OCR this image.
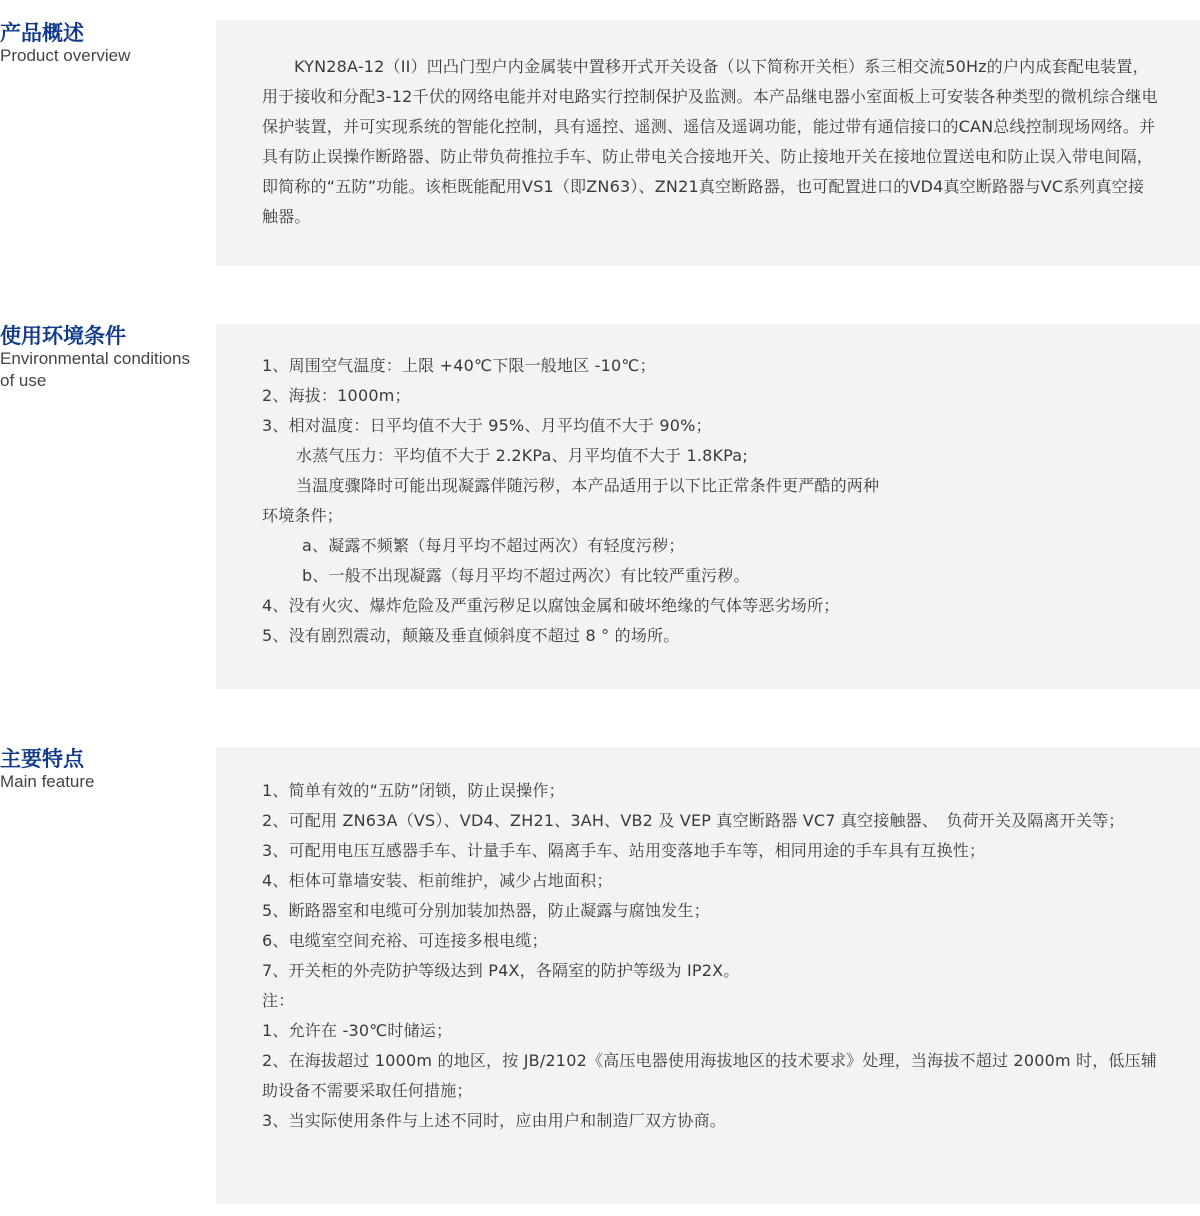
产品概述

Product overview

KYN28A-12（II）凹凸门型户内金属装中置移开式开关设备（以下简称开关柜）系三相交流50Hz的户内成套配电装置，用于接收和分配3-12千伏的网络电能并对电路实行控制保护及监测。本产品继电器小室面板上可安装各种类型的微机综合继电保护装置，并可实现系统的智能化控制，具有遥控、遥测、遥信及遥调功能，能过带有通信接口的CAN总线控制现场网络。并具有防止误操作断路器、防止带负荷推拉手车、防止带电关合接地开关、防止接地开关在接地位置送电和防止误入带电间隔，即简称的“五防”功能。该柜既能配用VS1（即ZN63）、ZN21真空断路器，也可配置进口的VD4真空断路器与VC系列真空接触器。

使用环境条件

Environmental conditions
of use

1、周围空气温度：上限 +40℃下限一般地区 -10℃；

2、海拔：1000m；

3、相对温度：日平均值不大于 95%、月平均值不大于 90%；

水蒸气压力：平均值不大于 2.2KPa、月平均值不大于 1.8KPa;

当温度骤降时可能出现凝露伴随污秽，本产品适用于以下比正常条件更严酷的两种

环境条件；

a、凝露不频繁（每月平均不超过两次）有轻度污秽；

b、一般不出现凝露（每月平均不超过两次）有比较严重污秽。

4、没有火灾、爆炸危险及严重污秽足以腐蚀金属和破坏绝缘的气体等恶劣场所；

5、没有剧烈震动，颠簸及垂直倾斜度不超过 8 ° 的场所。

主要特点

Main feature	1、简单有效的“五防”闭锁，防止误操作；

2、可配用 ZN63A（VS）、VD4、ZH21、3AH、VB2 及 VEP 真空断路器 VC7 真空接触器、　负荷开关及隔离开关等；

3、可配用电压互感器手车、计量手车、隔离手车、站用变落地手车等，相同用途的手车具有互换性；

4、柜体可靠墙安装、柜前维护，减少占地面积；

5、断路器室和电缆可分别加装加热器，防止凝露与腐蚀发生；

6、电缆室空间充裕、可连接多根电缆；

7、开关柜的外壳防护等级达到 P4X，各隔室的防护等级为 IP2X。

注：

1、允许在 -30℃时储运；

2、在海拔超过 1000m 的地区，按 JB/2102《高压电器使用海拔地区的技术要求》处理，当海拔不超过 2000m 时，低压辅助设备不需要采取任何措施；

3、当实际使用条件与上述不同时，应由用户和制造厂双方协商。
